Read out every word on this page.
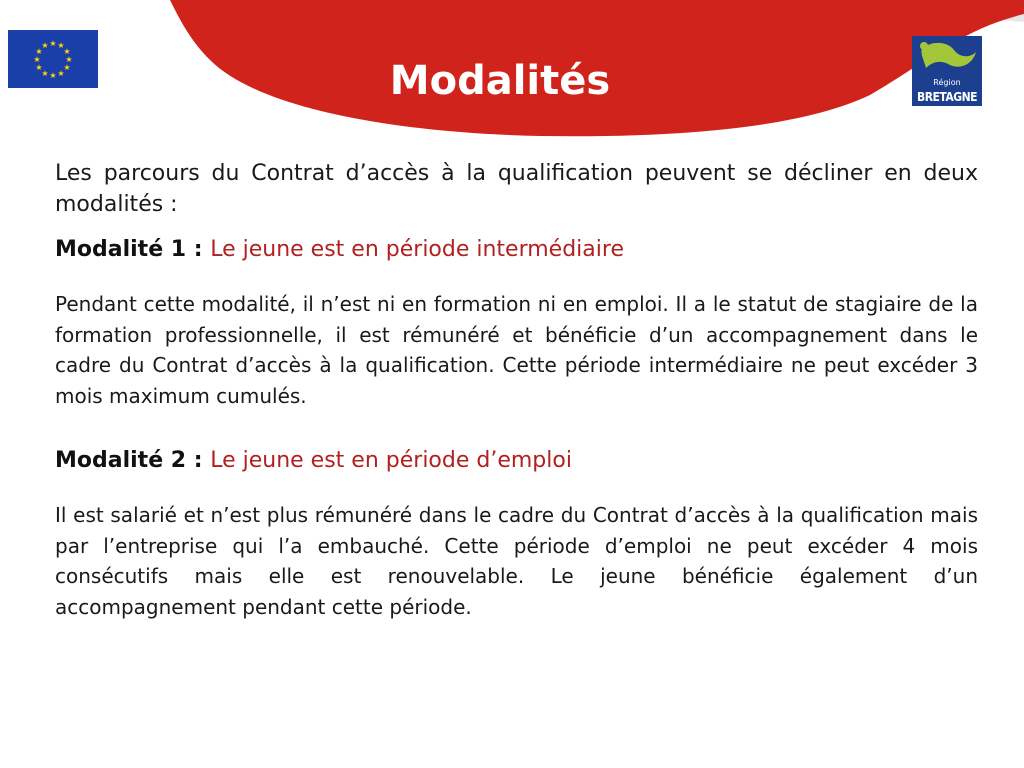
★ ★
★
★
★
★
★
★
★
★
★
★
Modalités	Région
BRETAGNE

Les parcours du Contrat d’accès à la qualification peuvent se décliner en deux modalités :

Modalité 1 : Le jeune est en période intermédiaire

Pendant cette modalité, il n’est ni en formation ni en emploi. Il a le statut de stagiaire de la formation professionnelle, il est rémunéré et bénéficie d’un accompagnement dans le cadre du Contrat d’accès à la qualification. Cette période intermédiaire ne peut excéder 3 mois maximum cumulés.

Modalité 2 : Le jeune est en période d’emploi

Il est salarié et n’est plus rémunéré dans le cadre du Contrat d’accès à la qualification mais par l’entreprise qui l’a embauché. Cette période d’emploi ne peut excéder 4 mois consécutifs mais elle est renouvelable. Le jeune bénéficie également d’un accompagnement pendant cette période.
